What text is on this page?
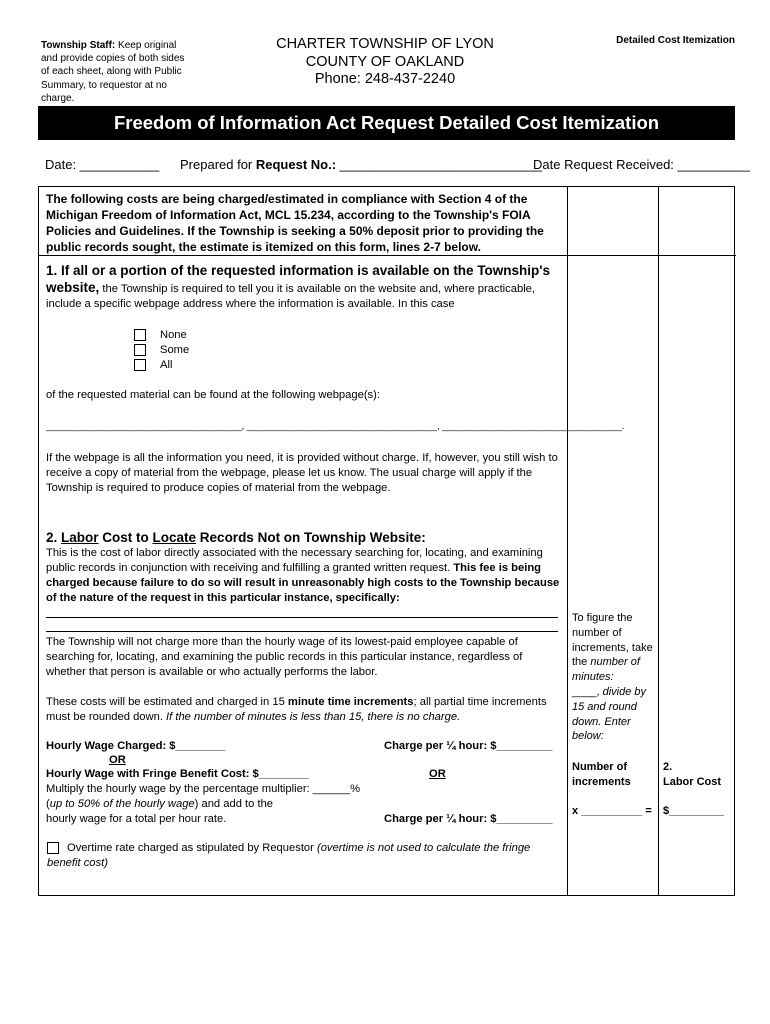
Township Staff: Keep original and provide copies of both sides of each sheet, along with Public Summary, to requestor at no charge.
CHARTER TOWNSHIP OF LYON
COUNTY OF OAKLAND
Phone: 248-437-2240
Detailed Cost Itemization
Freedom of Information Act Request Detailed Cost Itemization
Date: ___________ Prepared for Request No.: ____________________________
Date Request Received: __________
The following costs are being charged/estimated in compliance with Section 4 of the Michigan Freedom of Information Act, MCL 15.234, according to the Township's FOIA Policies and Guidelines. If the Township is seeking a 50% deposit prior to providing the public records sought, the estimate is itemized on this form, lines 2-7 below.
1. If all or a portion of the requested information is available on the Township's
website, the Township is required to tell you it is available on the website and, where practicable, include a specific webpage address where the information is available. In this case
None
Some
All
of the requested material can be found at the following webpage(s):
_____________________________________, ____________________________________, __________________________________.
If the webpage is all the information you need, it is provided without charge. If, however, you still wish to receive a copy of material from the webpage, please let us know. The usual charge will apply if the Township is required to produce copies of material from the webpage.
2. Labor Cost to Locate Records Not on Township Website:
This is the cost of labor directly associated with the necessary searching for, locating, and examining public records in conjunction with receiving and fulfilling a granted written request. This fee is being charged because failure to do so will result in unreasonably high costs to the Township because of the nature of the request in this particular instance, specifically:
The Township will not charge more than the hourly wage of its lowest-paid employee capable of searching for, locating, and examining the public records in this particular instance, regardless of whether that person is available or who actually performs the labor.
These costs will be estimated and charged in 15 minute time increments; all partial time increments must be rounded down. If the number of minutes is less than 15, there is no charge.
Hourly Wage Charged: $________	Charge per ¼ hour: $_________
OR
Hourly Wage with Fringe Benefit Cost: $________	OR
Multiply the hourly wage by the percentage multiplier: ______%
(up to 50% of the hourly wage) and add to the
hourly wage for a total per hour rate.	Charge per ¼ hour: $_________
Overtime rate charged as stipulated by Requestor (overtime is not used to calculate the fringe benefit cost)
To figure the number of increments, take the number of minutes:
____, divide by 15 and round down. Enter below:
Number of increments
x __________ =
2.
Labor Cost
$_________
